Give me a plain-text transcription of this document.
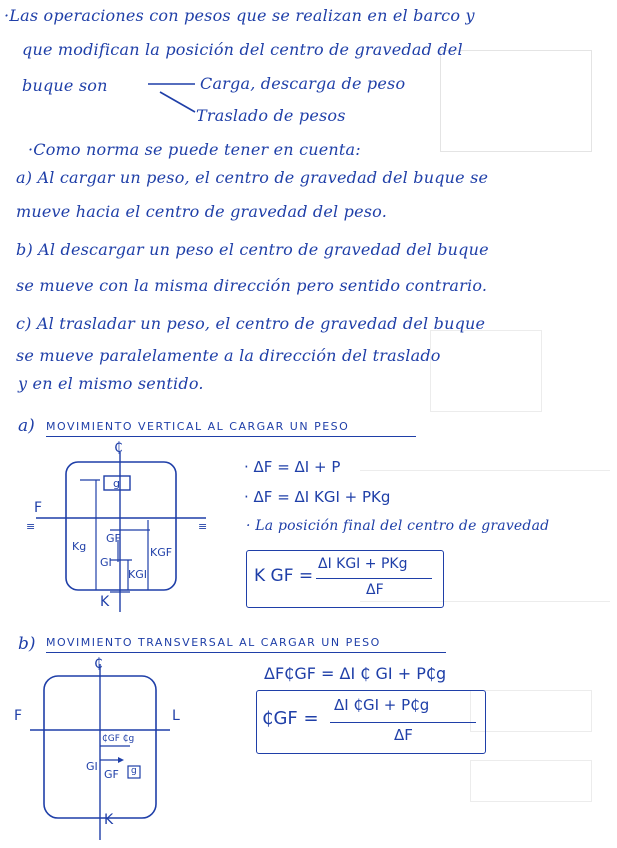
·Las operaciones con pesos que se realizan en el barco y
que modifican la posición del centro de gravedad del
buque son	Carga, descarga de peso
Traslado de pesos
·Como norma se puede tener en cuenta:
a) Al cargar un peso, el centro de gravedad del buque se
mueve hacia el centro de gravedad del peso.
b) Al descargar un peso el centro de gravedad del buque
se mueve con la misma dirección pero sentido contrario.
c) Al trasladar un peso, el centro de gravedad del buque
se mueve paralelamente a la dirección del traslado
y en el mismo sentido.
a) MOVIMIENTO VERTICAL AL CARGAR UN PESO
₵
F
≡	≡
g
Kg
GF
GI
KGI
KGF
K
· ΔF = ΔI + P
· ΔF = ΔI KGI + PKg
· La posición final del centro de gravedad
K GF =
ΔI KGI + PKg
ΔF
b) MOVIMIENTO TRANSVERSAL AL CARGAR UN PESO
₵
F	L
₵GF ₵g
GI
GF g
K
ΔF₵GF = ΔI ₵ GI + P₵g
₵GF =
ΔI ₵GI + P₵g
ΔF
